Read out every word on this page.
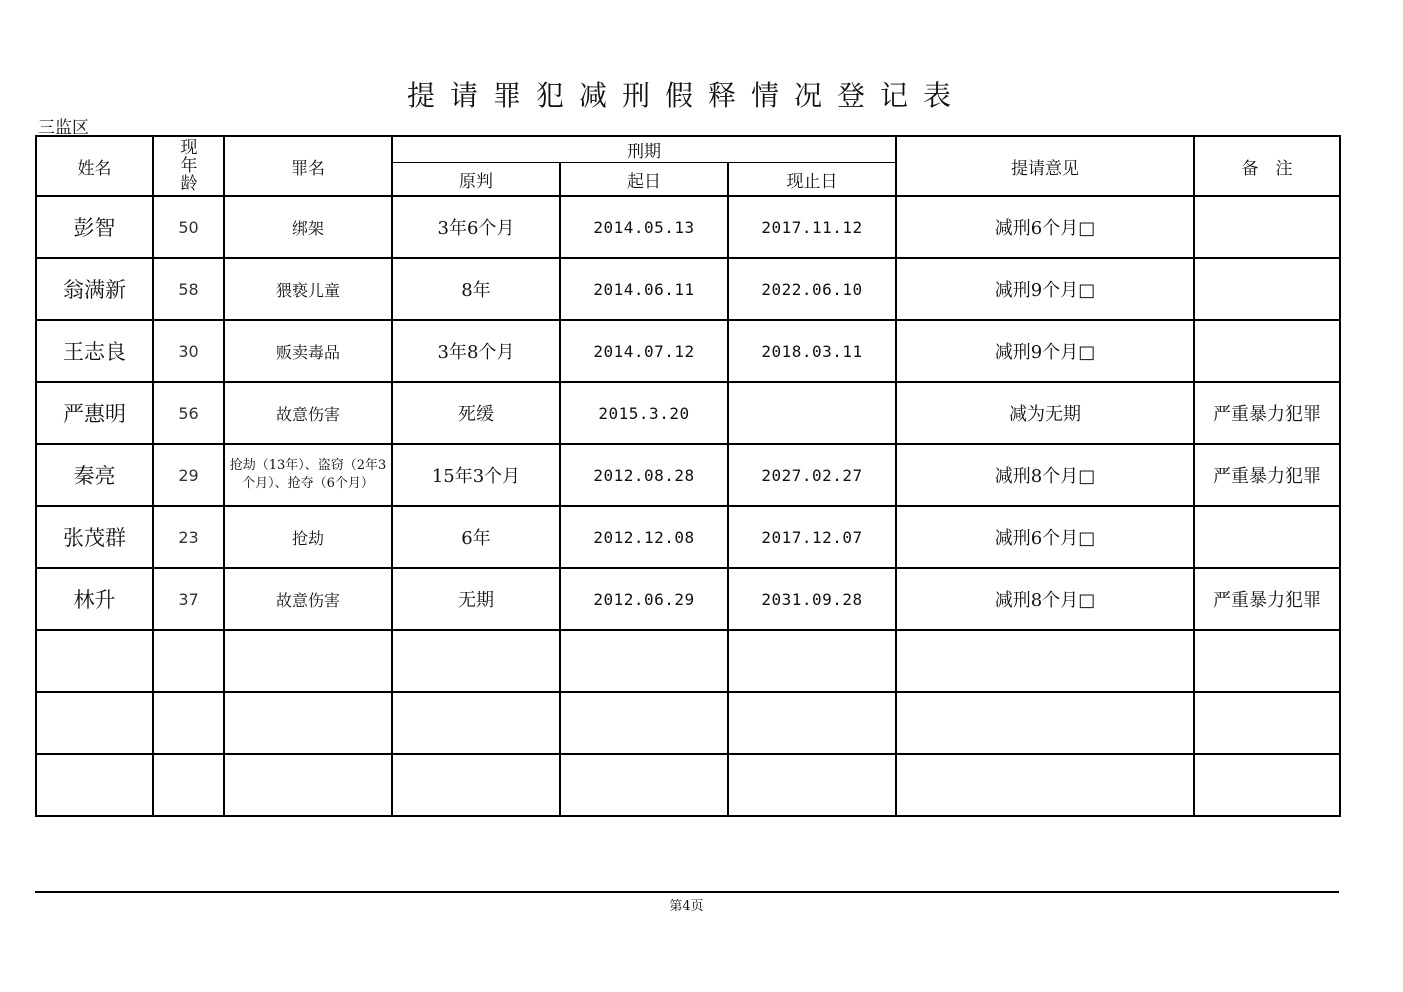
提请罪犯减刑假释情况登记表
三监区
姓名	现年龄	罪名	刑期			提请意见	备　注
			原判	起日	现止日		
彭智	50	绑架	3年6个月	2014.05.13	2017.11.12	减刑6个月□	
翁满新	58	猥亵儿童	8年	2014.06.11	2022.06.10	减刑9个月□	
王志良	30	贩卖毒品	3年8个月	2014.07.12	2018.03.11	减刑9个月□	
严惠明	56	故意伤害	死缓	2015.3.20		减为无期	严重暴力犯罪
秦亮	29	抢劫（13年）、盗窃（2年3个月）、抢夺（6个月）	15年3个月	2012.08.28	2027.02.27	减刑8个月□	严重暴力犯罪
张茂群	23	抢劫	6年	2012.12.08	2017.12.07	减刑6个月□	
林升	37	故意伤害	无期	2012.06.29	2031.09.28	减刑8个月□	严重暴力犯罪

第4页
